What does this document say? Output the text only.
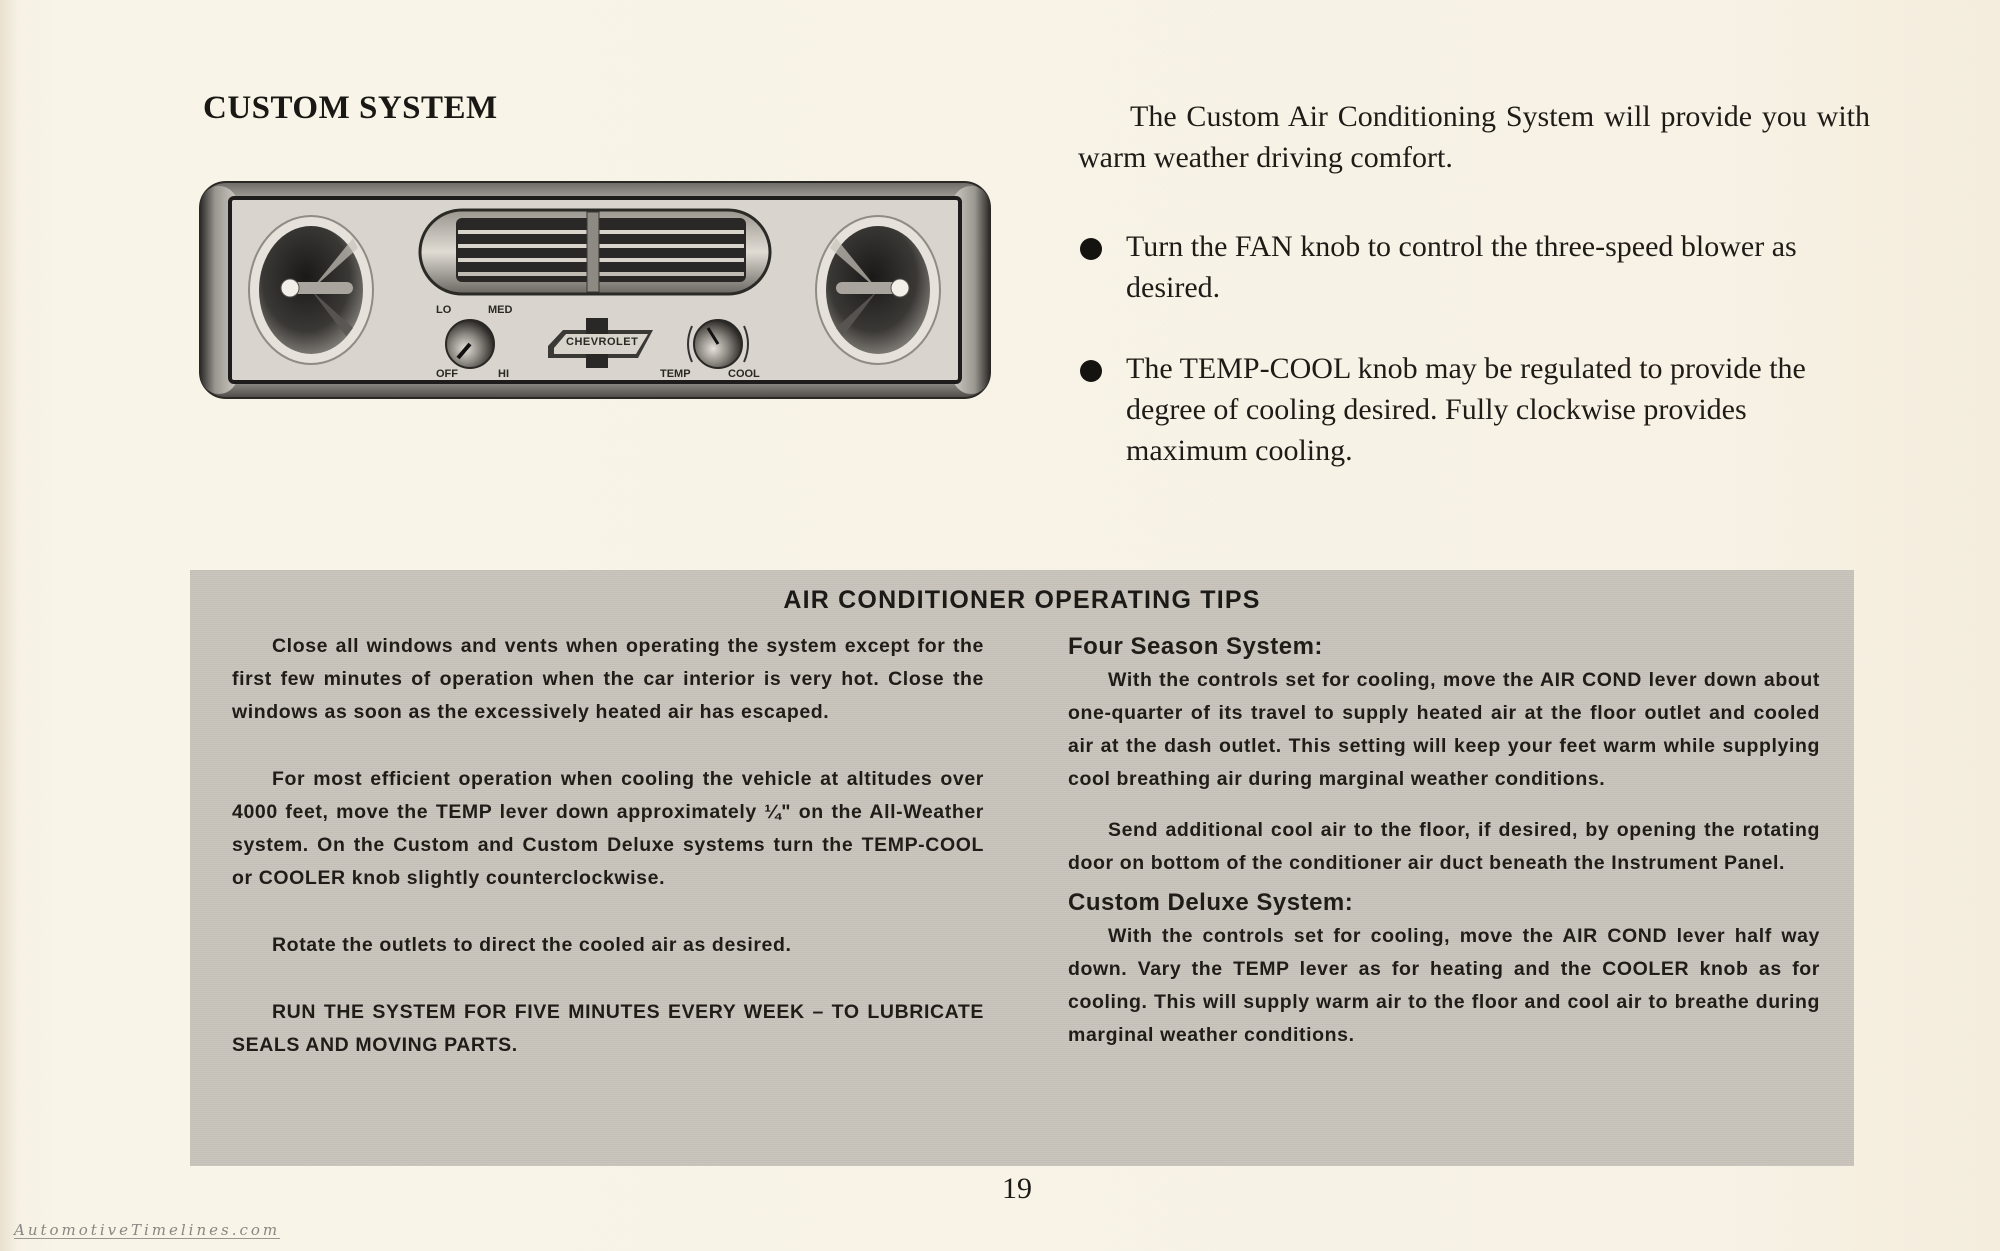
CUSTOM SYSTEM
LO	MED
OFF	HI	TEMP	COOL
CHEVROLET

The Custom Air Conditioning System will provide you with warm weather driving comfort.

Turn the FAN knob to control the three-speed blower as desired.
The TEMP-COOL knob may be regulated to provide the degree of cooling desired. Fully clockwise provides maximum cooling.
AIR CONDITIONER OPERATING TIPS

Close all windows and vents when operating the system except for the first few minutes of operation when the car interior is very hot. Close the windows as soon as the excessively heated air has escaped.

For most efficient operation when cooling the vehicle at altitudes over 4000 feet, move the TEMP lever down approximately ¼" on the All-Weather system. On the Custom and Custom Deluxe systems turn the TEMP-COOL or COOLER knob slightly counterclockwise.

Rotate the outlets to direct the cooled air as desired.

RUN THE SYSTEM FOR FIVE MINUTES EVERY WEEK – TO LUBRICATE SEALS AND MOVING PARTS.

Four Season System:

With the controls set for cooling, move the AIR COND lever down about one-quarter of its travel to supply heated air at the floor outlet and cooled air at the dash outlet. This setting will keep your feet warm while supplying cool breathing air during marginal weather conditions.

Send additional cool air to the floor, if desired, by opening the rotating door on bottom of the conditioner air duct beneath the Instrument Panel.

Custom Deluxe System:

With the controls set for cooling, move the AIR COND lever half way down. Vary the TEMP lever as for heating and the COOLER knob as for cooling. This will supply warm air to the floor and cool air to breathe during marginal weather conditions.

19
AutomotiveTimelines.com
